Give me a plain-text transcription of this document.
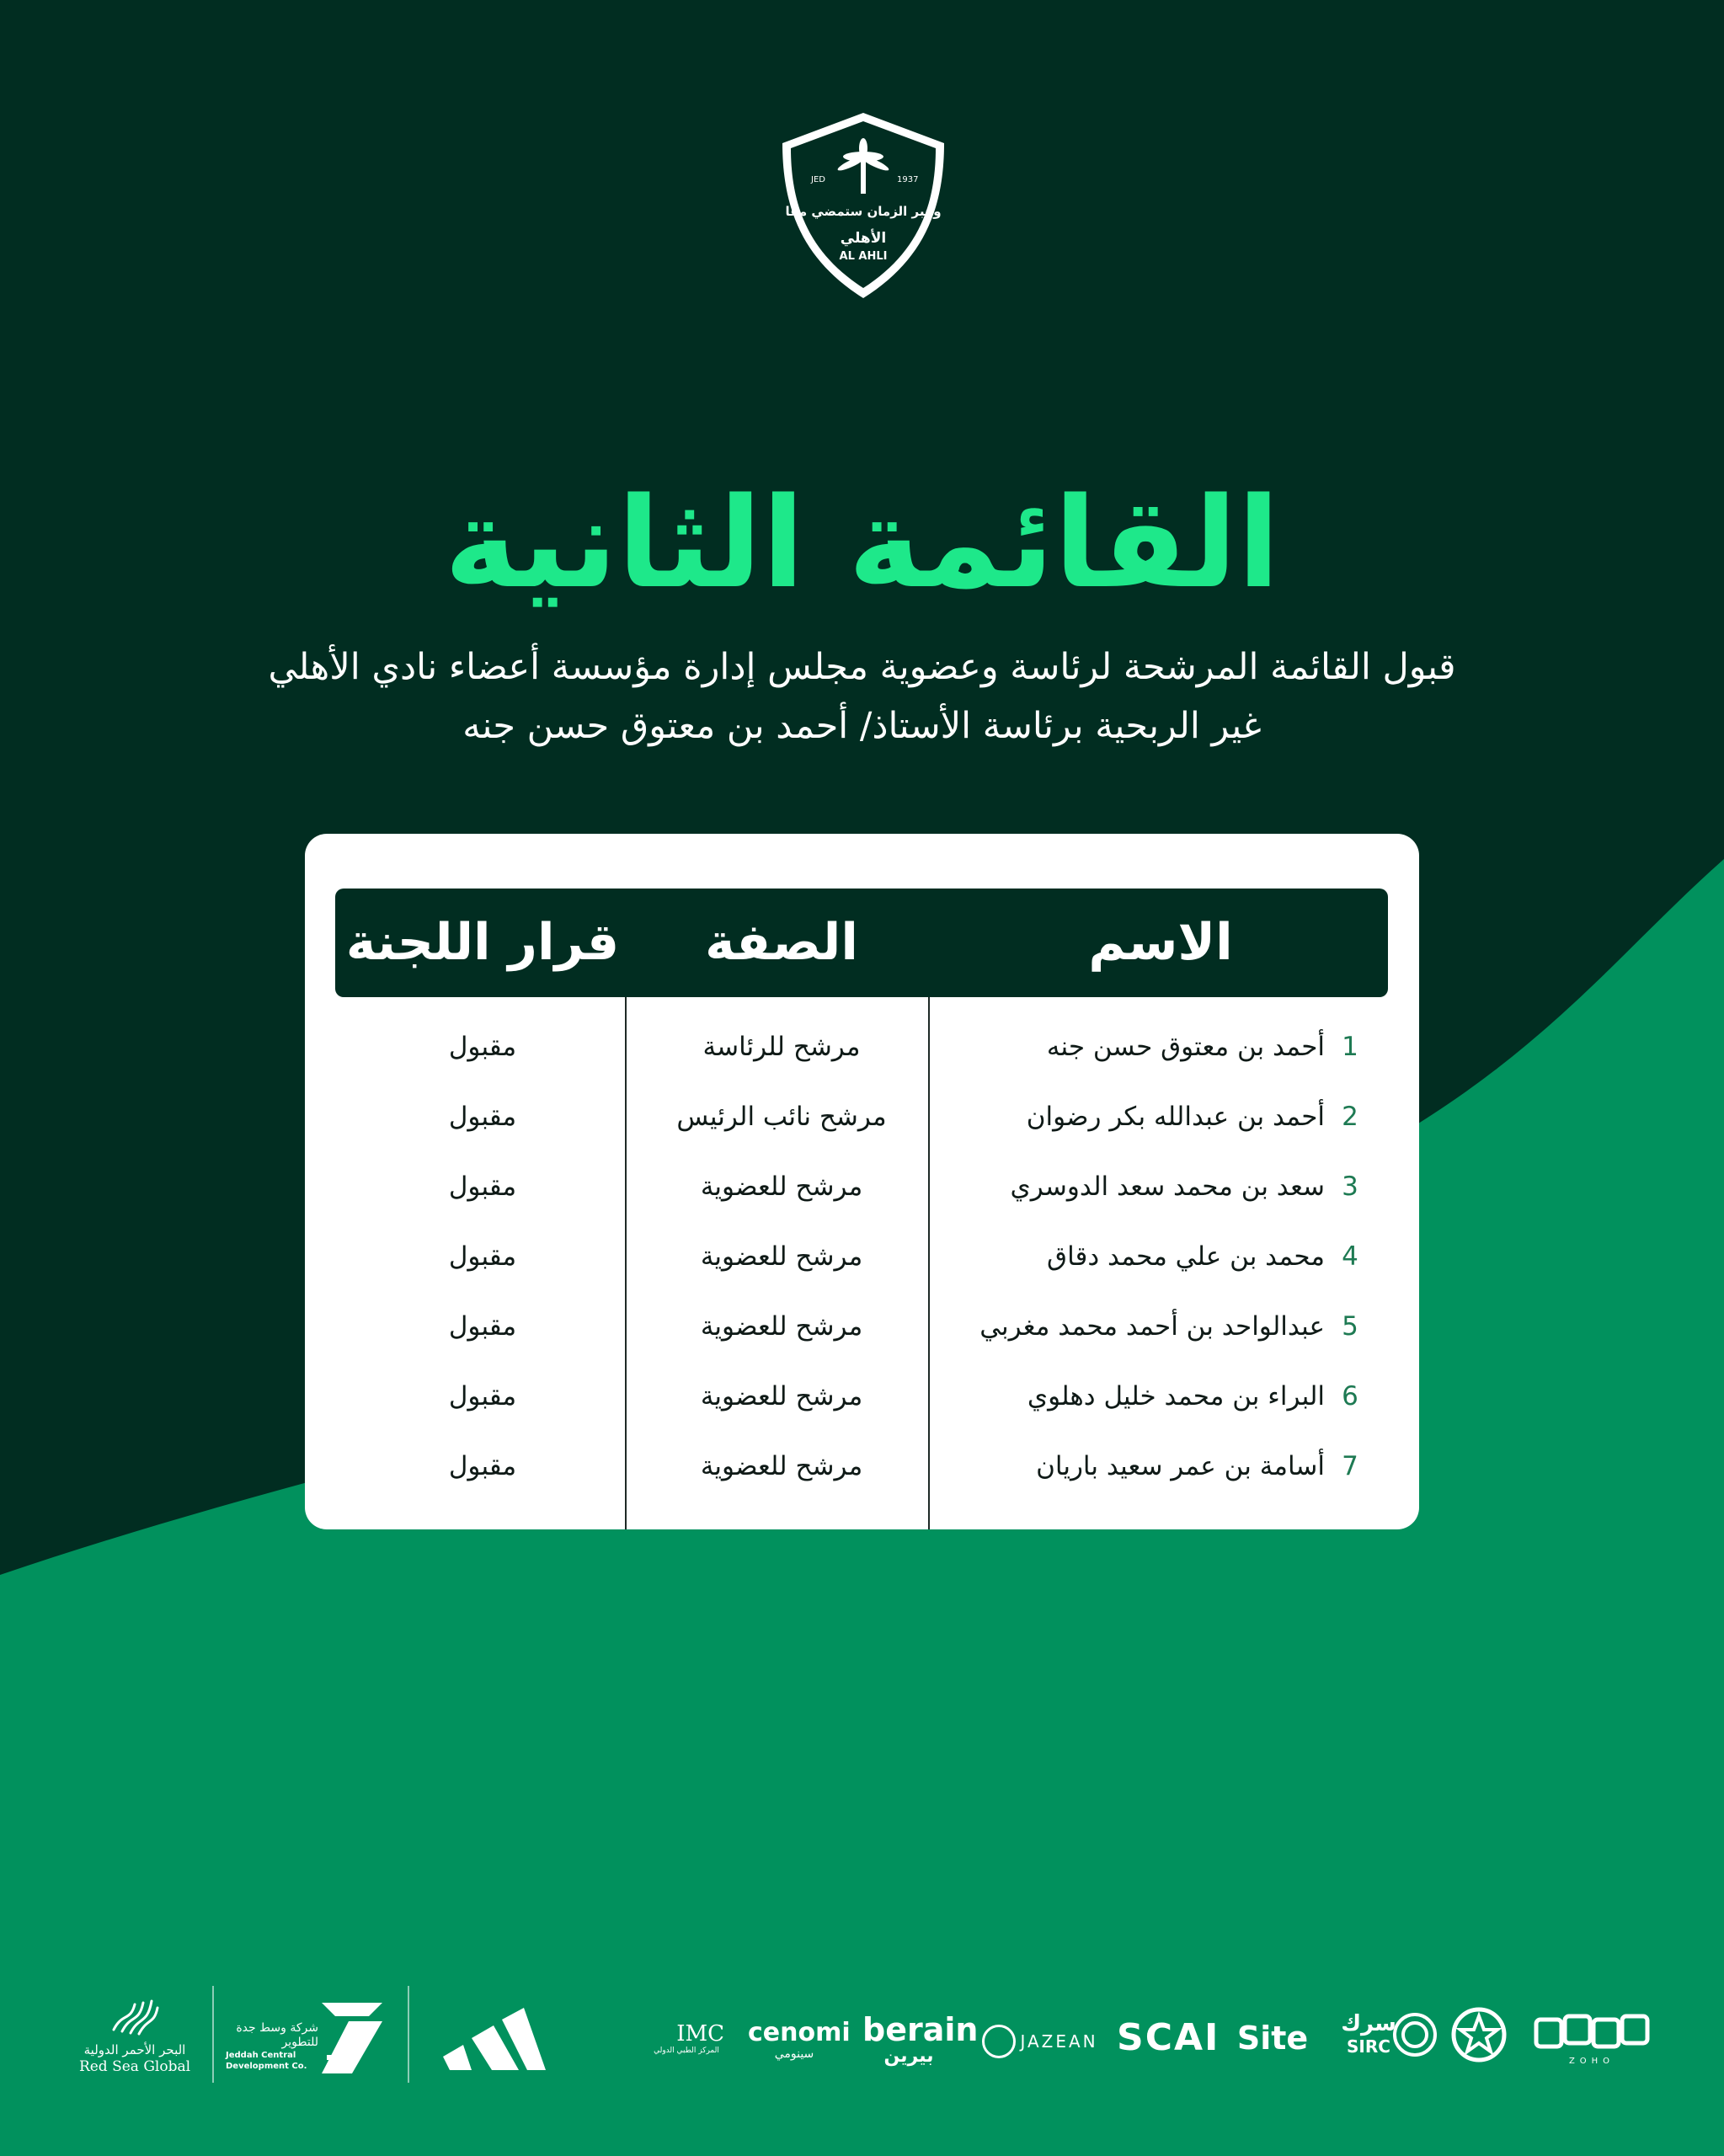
JED	1937
وعبر الزمان ستمضي مقا
الأهلي
AL AHLI
القائمة الثانية
قبول القائمة المرشحة لرئاسة وعضوية مجلس إدارة مؤسسة أعضاء نادي الأهلي
غير الربحية برئاسة الأستاذ/ أحمد بن معتوق حسن جنه
الاسم
الصفة
قرار اللجنة
1
أحمد بن معتوق حسن جنه
مرشح للرئاسة
مقبول
2
أحمد بن عبدالله بكر رضوان
مرشح نائب الرئيس
مقبول
3
سعد بن محمد سعد الدوسري
مرشح للعضوية
مقبول
4
محمد بن علي محمد دقاق
مرشح للعضوية
مقبول
5
عبدالواحد بن أحمد محمد مغربي
مرشح للعضوية
مقبول
6
البراء بن محمد خليل دهلوي
مرشح للعضوية
مقبول
7
أسامة بن عمر سعيد باريان
مرشح للعضوية
مقبول
البحر الأحمر الدولية
Red Sea Global
شركة وسط جدة للتطوير
Jeddah Central Development Co.
IMC
المركز الطبي الدولي
cenomi
سينومي
berain
بيرين
JAZEAN SCAI Site	سرك
SIRC
ZOHO
